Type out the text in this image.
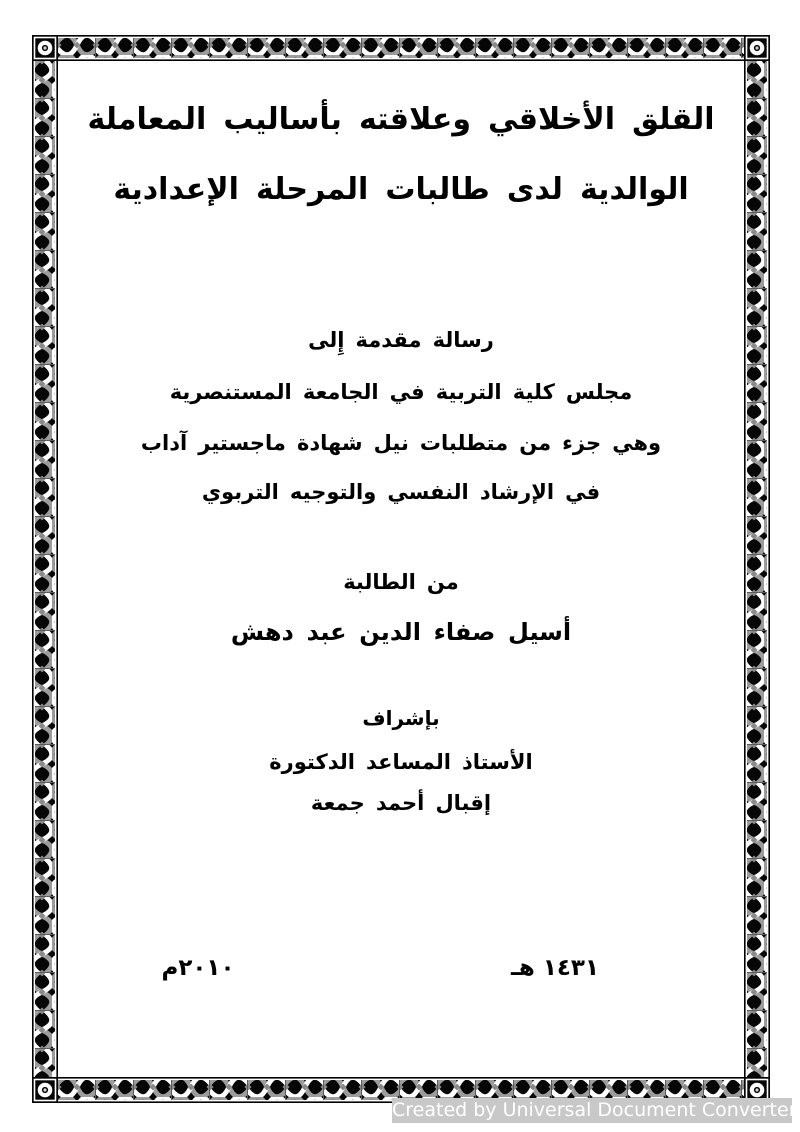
القلق الأخلاقي وعلاقته بأساليب المعاملة
الوالدية لدى طالبات المرحلة الإعدادية
رسالة مقدمة إِلى
مجلس كلية التربية في الجامعة المستنصرية
وهي جزء من متطلبات نيل شهادة ماجستير آداب
في الإرشاد النفسي والتوجيه التربوي
من الطالبة
أسيل صفاء الدين عبد دهش
بإشراف
الأستاذ المساعد الدكتورة
إقبال أحمد جمعة
١٤٣١ هـ
٢٠١٠م
Created by Universal Document Converter
